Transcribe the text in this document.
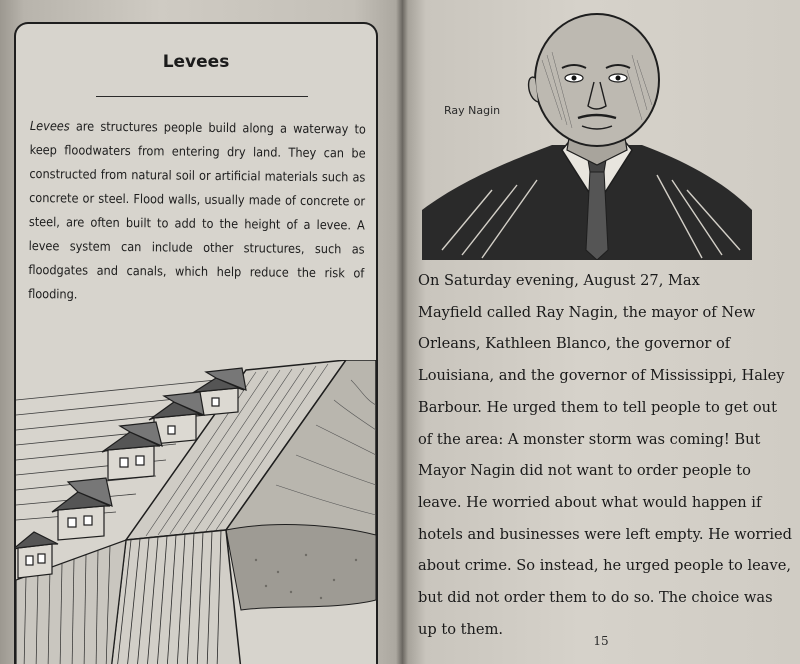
Levees
Levees are structures people build along a waterway to keep floodwaters from entering dry land. They can be constructed from natural soil or artificial materials such as concrete or steel. Flood walls, usually made of concrete or steel, are often built to add to the height of a levee. A levee system can include other structures, such as floodgates and canals, which help reduce the risk of flooding.
Ray Nagin
On Saturday evening, August 27, Max
Mayfield called Ray Nagin, the mayor of New
Orleans, Kathleen Blanco, the governor of
Louisiana, and the governor of Mississippi, Haley
Barbour. He urged them to tell people to get out
of the area: A monster storm was coming! But
Mayor Nagin did not want to order people to
leave. He worried about what would happen if
hotels and businesses were left empty. He worried
about crime. So instead, he urged people to leave,
but did not order them to do so. The choice was
up to them.
15
